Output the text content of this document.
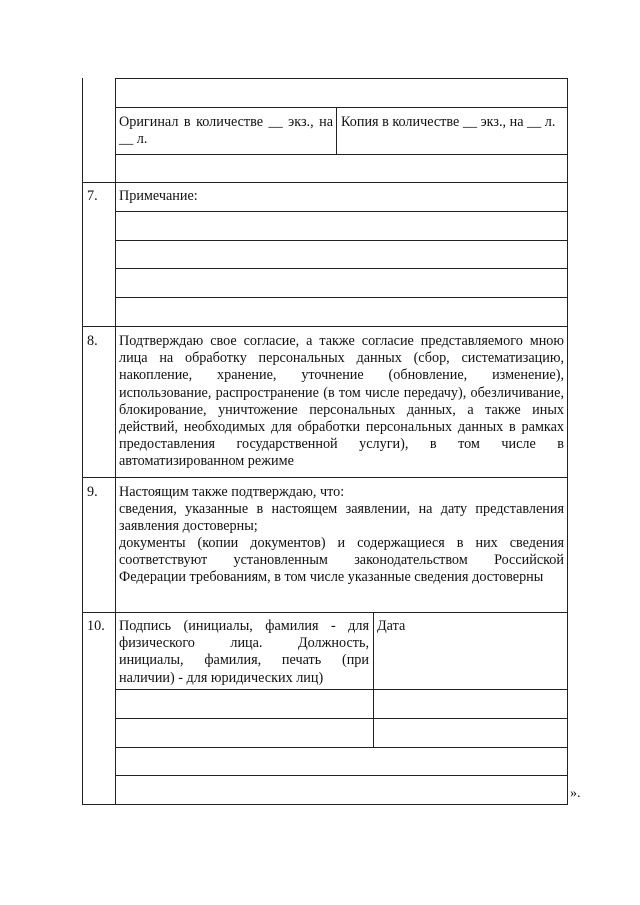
Оригинал в количестве __ экз., на __ л.
Копия в количестве __ экз., на __ л.
7. Примечание:
8. Подтверждаю свое согласие, а также согласие представляемого мною лица на обработку персональных данных (сбор, систематизацию, накопление, хранение, уточнение (обновление, изменение), использование, распространение (в том числе передачу), обезличивание, блокирование, уничтожение персональных данных, а также иных действий, необходимых для обработки персональных данных в рамках предоставления государственной услуги), в том числе в автоматизированном режиме
9. Настоящим также подтверждаю, что:
сведения, указанные в настоящем заявлении, на дату представления заявления достоверны;
документы (копии документов) и содержащиеся в них сведения соответствуют установленным законодательством Российской Федерации требованиям, в том числе указанные сведения достоверны
10. Подпись (инициалы, фамилия - для физического лица. Должность, инициалы, фамилия, печать (при наличии) - для юридических лиц)
Дата
».
